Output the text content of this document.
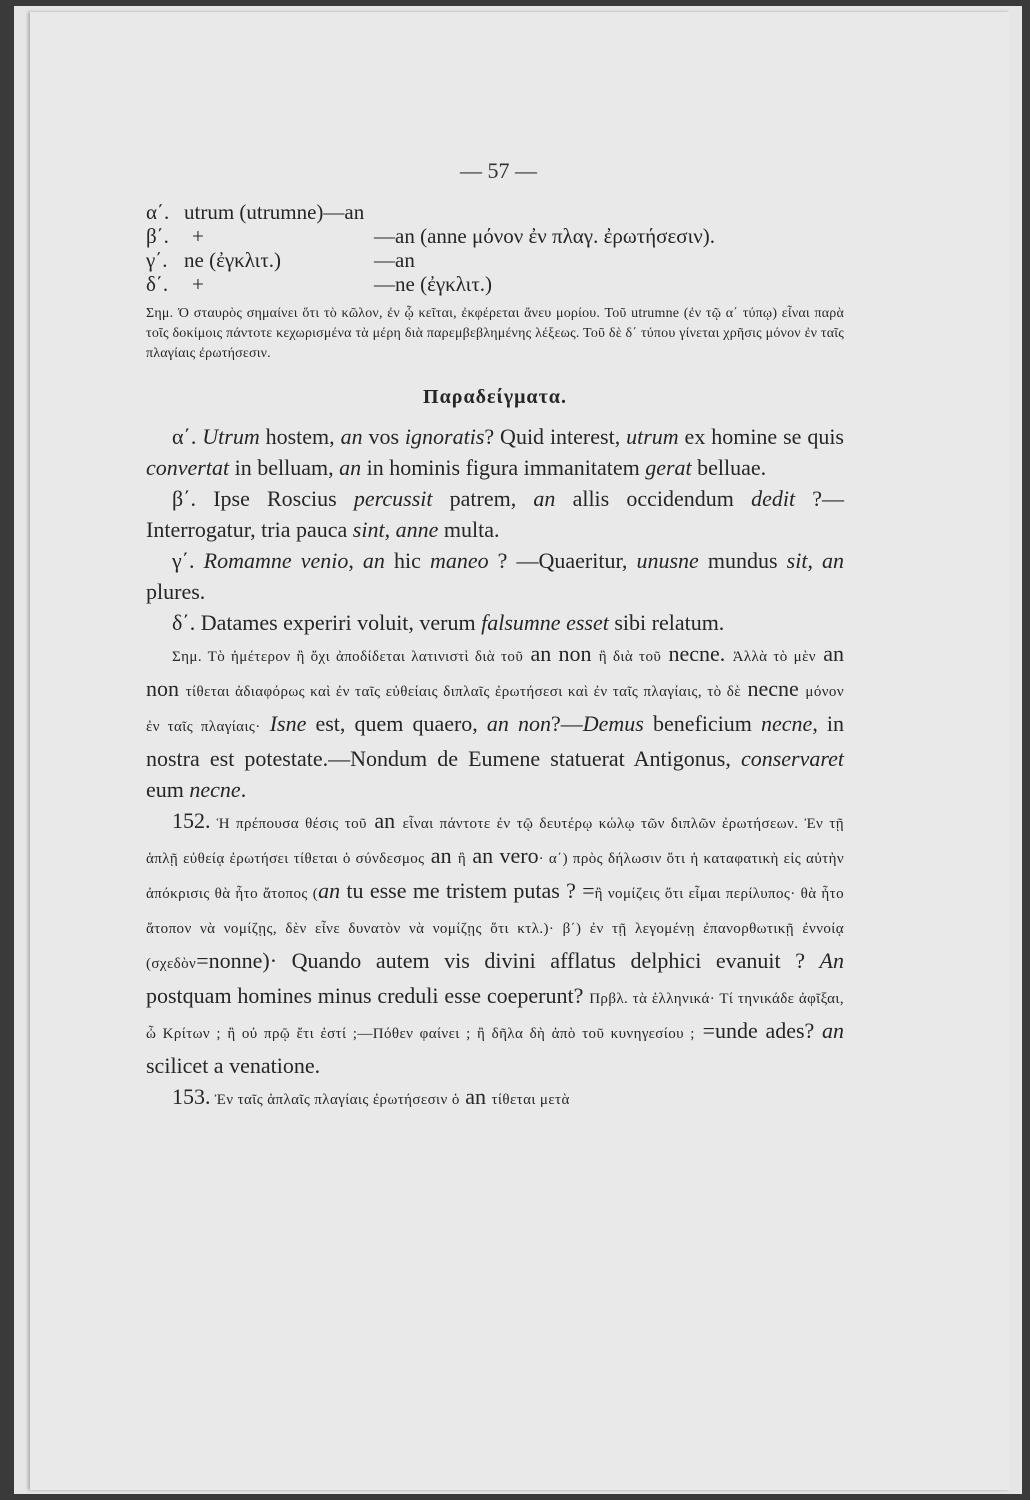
— 57 —
α΄. utrum (utrumne)—an
β΄. +	—an (anne μόνον ἐν πλαγ. ἐρωτήσεσιν).
γ΄. ne (ἐγκλιτ.)	—an
δ΄. +	—ne (ἐγκλιτ.)

Σημ. Ὁ σταυρὸς σημαίνει ὅτι τὸ κῶλον, ἐν ᾧ κεῖται, ἐκφέρεται ἄνευ μορίου. Τοῦ utrumne (ἐν τῷ α΄ τύπῳ) εἶναι παρὰ τοῖς δοκίμοις πάντοτε κεχωρισμένα τὰ μέρη διὰ παρεμβεβλημένης λέξεως. Τοῦ δὲ δ΄ τύπου γίνεται χρῆσις μόνον ἐν ταῖς πλαγίαις ἐρωτήσεσιν.

Παραδείγματα.

α΄. Utrum hostem, an vos ignoratis? Quid interest, utrum ex homine se quis convertat in belluam, an in hominis figura immanitatem gerat belluae.

β΄. Ipse Roscius percussit patrem, an allis occidendum dedit ?—Interrogatur, tria pauca sint, anne multa.

γ΄. Romamne venio, an hic maneo ? —Quaeritur, unusne mundus sit, an plures.

δ΄. Datames experiri voluit, verum falsumne esset sibi relatum.

Σημ. Τὸ ἡμέτερον ἢ ὄχι ἀποδίδεται λατινιστὶ διὰ τοῦ an non ἢ διὰ τοῦ necne. Ἀλλὰ τὸ μὲν an non τίθεται ἀδιαφόρως καὶ ἐν ταῖς εὐθείαις διπλαῖς ἐρωτήσεσι καὶ ἐν ταῖς πλαγίαις, τὸ δὲ necne μόνον ἐν ταῖς πλαγίαις· Isne est, quem quaero, an non?—Demus beneficium necne, in nostra est potestate.—Nondum de Eumene statuerat Antigonus, conservaret eum necne.

152. Ἡ πρέπουσα θέσις τοῦ an εἶναι πάντοτε ἐν τῷ δευτέρῳ κώλῳ τῶν διπλῶν ἐρωτήσεων. Ἐν τῇ ἁπλῇ εὐθείᾳ ἐρωτήσει τίθεται ὁ σύνδεσμος an ἢ an vero· α΄) πρὸς δήλωσιν ὅτι ἡ καταφατικὴ εἰς αὐτὴν ἀπόκρισις θὰ ἦτο ἄτοπος (an tu esse me tristem putas ? =ἢ νομίζεις ὅτι εἶμαι περίλυπος· θὰ ἦτο ἄτοπον νὰ νομίζῃς, δὲν εἶνε δυνατὸν νὰ νομίζῃς ὅτι κτλ.)· β΄) ἐν τῇ λεγομένῃ ἐπανορθωτικῇ ἐννοίᾳ (σχεδὸν=nonne)· Quando autem vis divini afflatus delphici evanuit ? An postquam homines minus creduli esse coeperunt? Πρβλ. τὰ ἑλληνικά· Τί τηνικάδε ἀφῖξαι, ὦ Κρίτων ; ἢ οὐ πρῷ ἔτι ἐστί ;—Πόθεν φαίνει ; ἢ δῆλα δὴ ἀπὸ τοῦ κυνηγεσίου ; =unde ades? an scilicet a venatione.

153. Ἐν ταῖς ἁπλαῖς πλαγίαις ἐρωτήσεσιν ὁ an τίθεται μετὰ
